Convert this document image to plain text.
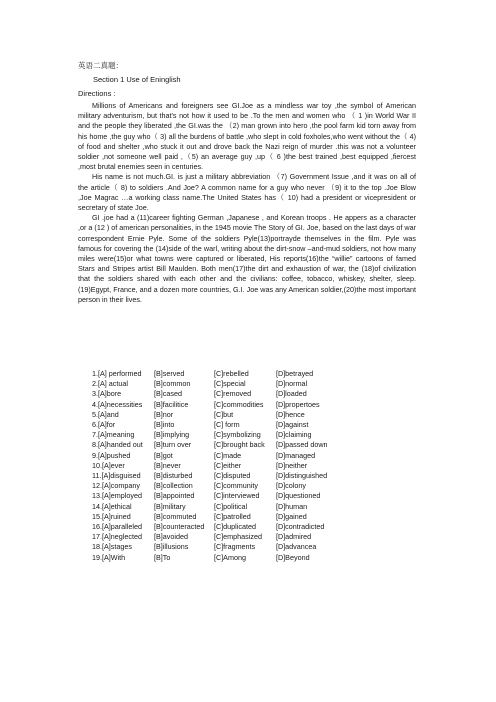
英语二真题：
Section 1 Use of Eninglish
Directions :

Millions of Americans and foreigners see GI.Joe as a mindless war toy ,the symbol of American military adventurism, but that's not how it used to be .To the men and women who （ 1 )in World War II and the people they liberated ,the GI.was the （2) man grown into hero ,the pool farm kid torn away from his home ,the guy who（ 3) all the burdens of battle ,who slept in cold foxholes,who went without the（ 4) of food and shelter ,who stuck it out and drove back the Nazi reign of murder .this was not a volunteer soldier ,not someone well paid ,（5) an average guy ,up（ 6 )the best trained ,best equipped ,fiercest ,most brutal enemies seen in centuries.

His name is not much.GI. is just a military abbreviation （7) Government Issue ,and it was on all of the article（ 8) to soldiers .And Joe? A common name for a guy who never （9) it to the top .Joe Blow ,Joe Magrac …a working class name.The United States has（ 10) had a president or vicepresident or secretary of state Joe.

GI .joe had a (11)career fighting German ,Japanese , and Korean troops . He appers as a character ,or a (12 ) of american personalities, in the 1945 movie The Story of GI. Joe, based on the last days of war correspondent Ernie Pyle. Some of the soldiers Pyle(13)portrayde themselves in the film. Pyle was famous for covering the (14)side of the warl, writing about the dirt-snow –and-mud soldiers, not how many miles were(15)or what towns were captured or liberated, His reports(16)the “willie” cartoons of famed Stars and Stripes artist Bill Maulden. Both men(17)the dirt and exhaustion of war, the (18)of civilization that the soldiers shared with each other and the civilians: coffee, tobacco, whiskey, shelter, sleep. (19)Egypt, France, and a dozen more countries, G.I. Joe was any American soldier,(20)the most important person in their lives.

1.[A] performed	[B]served	[C]rebelled	[D]betrayed
2.[A] actual	[B]common	[C]special	[D]normal
3.[A]bore	[B]cased	[C]removed	[D]loaded
4.[A]necessities	[B]facilitice	[C]commodities	[D]propertoes
5.[A]and	[B]nor	[C]but	[D]hence
6.[A]for	[B]into	[C] form	[D]against
7.[A]meaning	[B]implying	[C]symbolizing	[D]claiming
8.[A]handed out	[B]turn over	[C]brought back	[D]passed down
9.[A]pushed	[B]got	[C]made	[D]managed
10.[A]ever	[B]never	[C]either	[D]neither
11.[A]disguised	[B]disturbed	[C]disputed	[D]distinguished
12.[A]company	[B]collection	[C]community	[D]colony
13.[A]employed	[B]appointed	[C]interviewed	[D]questioned
14.[A]ethical	[B]military	[C]political	[D]human
15.[A]ruined	[B]commuted	[C]patrolled	[D]gained
16.[A]paralleled	[B]counteracted	[C]duplicated	[D]contradicted
17.[A]neglected	[B]avoided	[C]emphasized	[D]admired
18.[A]stages	[B]illusions	[C]fragments	[D]advancea
19.[A]With	[B]To	[C]Among	[D]Beyond
